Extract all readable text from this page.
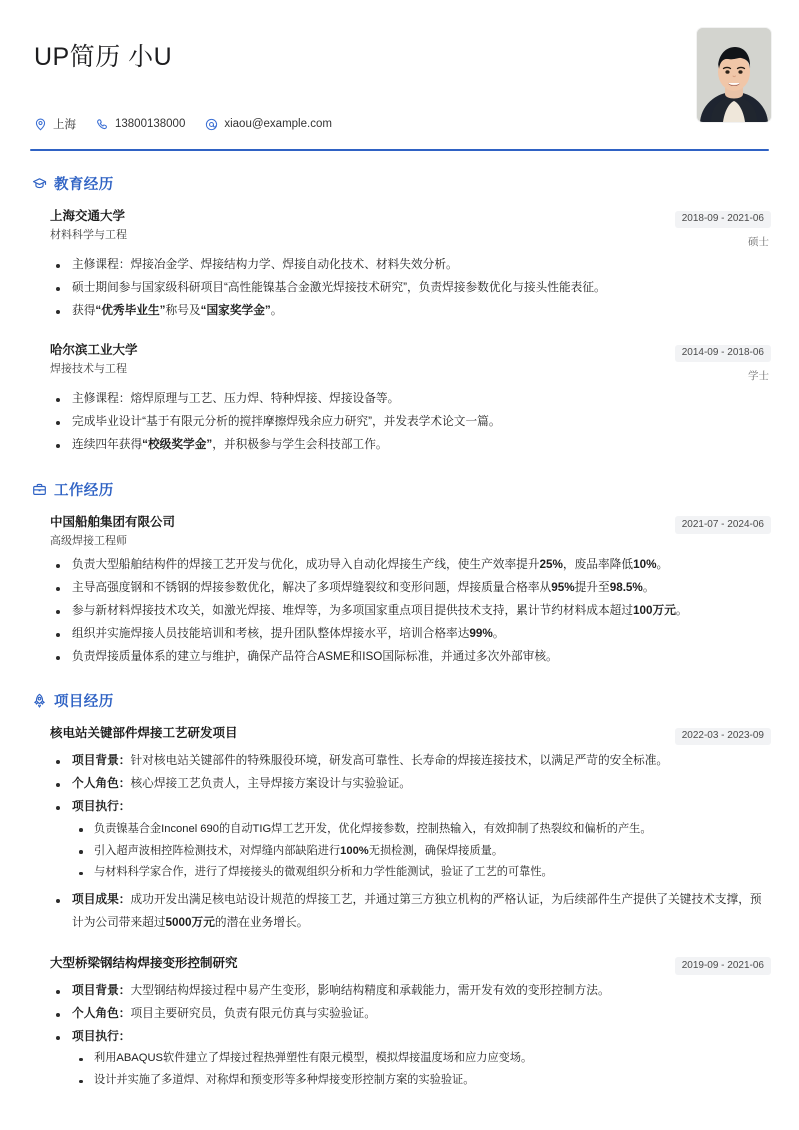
UP简历 小U
上海	13800138000	xiaou@example.com
教育经历
上海交通大学
材料科学与工程
2018-09 - 2021-06
硕士
主修课程：焊接冶金学、焊接结构力学、焊接自动化技术、材料失效分析。
硕士期间参与国家级科研项目“高性能镍基合金激光焊接技术研究”，负责焊接参数优化与接头性能表征。
获得“优秀毕业生”称号及“国家奖学金”。
哈尔滨工业大学
焊接技术与工程
2014-09 - 2018-06
学士
主修课程：熔焊原理与工艺、压力焊、特种焊接、焊接设备等。
完成毕业设计“基于有限元分析的搅拌摩擦焊残余应力研究”，并发表学术论文一篇。
连续四年获得“校级奖学金”，并积极参与学生会科技部工作。
工作经历
中国船舶集团有限公司
高级焊接工程师
2021-07 - 2024-06
负责大型船舶结构件的焊接工艺开发与优化，成功导入自动化焊接生产线，使生产效率提升25%，废品率降低10%。
主导高强度钢和不锈钢的焊接参数优化，解决了多项焊缝裂纹和变形问题，焊接质量合格率从95%提升至98.5%。
参与新材料焊接技术攻关，如激光焊接、堆焊等，为多项国家重点项目提供技术支持，累计节约材料成本超过100万元。
组织并实施焊接人员技能培训和考核，提升团队整体焊接水平，培训合格率达99%。
负责焊接质量体系的建立与维护，确保产品符合ASME和ISO国际标准，并通过多次外部审核。
项目经历
核电站关键部件焊接工艺研发项目	2022-03 - 2023-09
项目背景：针对核电站关键部件的特殊服役环境，研发高可靠性、长寿命的焊接连接技术，以满足严苛的安全标准。
个人角色：核心焊接工艺负责人，主导焊接方案设计与实验验证。
项目执行：
负责镍基合金Inconel 690的自动TIG焊工艺开发，优化焊接参数，控制热输入，有效抑制了热裂纹和偏析的产生。
引入超声波相控阵检测技术，对焊缝内部缺陷进行100%无损检测，确保焊接质量。
与材料科学家合作，进行了焊接接头的微观组织分析和力学性能测试，验证了工艺的可靠性。
项目成果：成功开发出满足核电站设计规范的焊接工艺，并通过第三方独立机构的严格认证，为后续部件生产提供了关键技术支撑，预计为公司带来超过5000万元的潜在业务增长。
大型桥梁钢结构焊接变形控制研究	2019-09 - 2021-06
项目背景：大型钢结构焊接过程中易产生变形，影响结构精度和承载能力，需开发有效的变形控制方法。
个人角色：项目主要研究员，负责有限元仿真与实验验证。
项目执行：
利用ABAQUS软件建立了焊接过程热弹塑性有限元模型，模拟焊接温度场和应力应变场。
设计并实施了多道焊、对称焊和预变形等多种焊接变形控制方案的实验验证。
